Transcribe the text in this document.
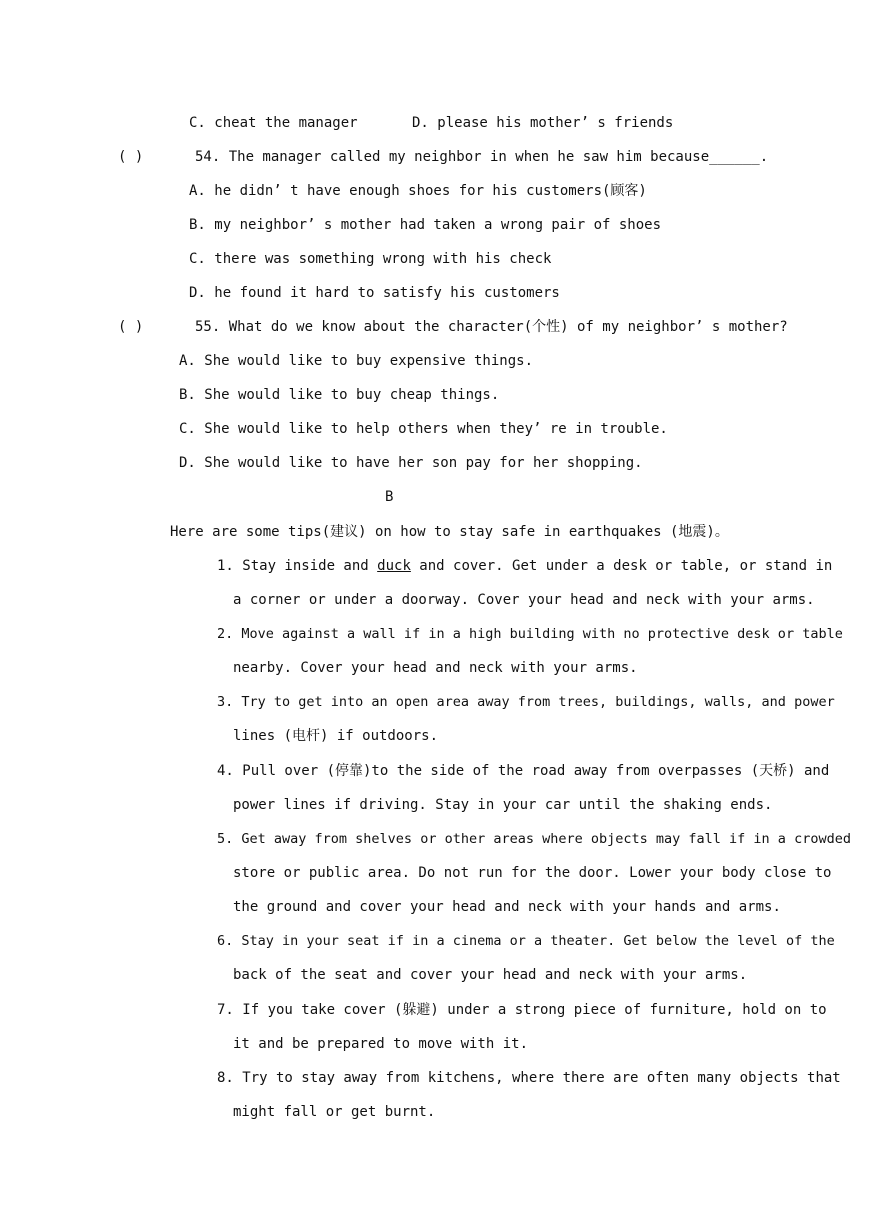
C. cheat the manager	D. please his mother’ s friends
( )	54. The manager called my neighbor in when he saw him because______.
A. he didn’ t have enough shoes for his customers(顾客)
B. my neighbor’ s mother had taken a wrong pair of shoes
C. there was something wrong with his check
D. he found it hard to satisfy his customers
( )	55. What do we know about the character(个性) of my neighbor’ s mother?
A. She would like to buy expensive things.
B. She would like to buy cheap things.
C. She would like to help others when they’ re in trouble.
D. She would like to have her son pay for her shopping.
B
Here are some tips(建议) on how to stay safe in earthquakes (地震)。
1. Stay inside and duck and cover. Get under a desk or table, or stand in
a corner or under a doorway. Cover your head and neck with your arms.
2. Move against a wall if in a high building with no protective desk or table
nearby. Cover your head and neck with your arms.
3. Try to get into an open area away from trees, buildings, walls, and power
lines (电杆) if outdoors.
4. Pull over (停靠)to the side of the road away from overpasses (天桥) and
power lines if driving. Stay in your car until the shaking ends.
5. Get away from shelves or other areas where objects may fall if in a crowded
store or public area. Do not run for the door. Lower your body close to
the ground and cover your head and neck with your hands and arms.
6. Stay in your seat if in a cinema or a theater. Get below the level of the
back of the seat and cover your head and neck with your arms.
7. If you take cover (躲避) under a strong piece of furniture, hold on to
it and be prepared to move with it.
8. Try to stay away from kitchens, where there are often many objects that
might fall or get burnt.
